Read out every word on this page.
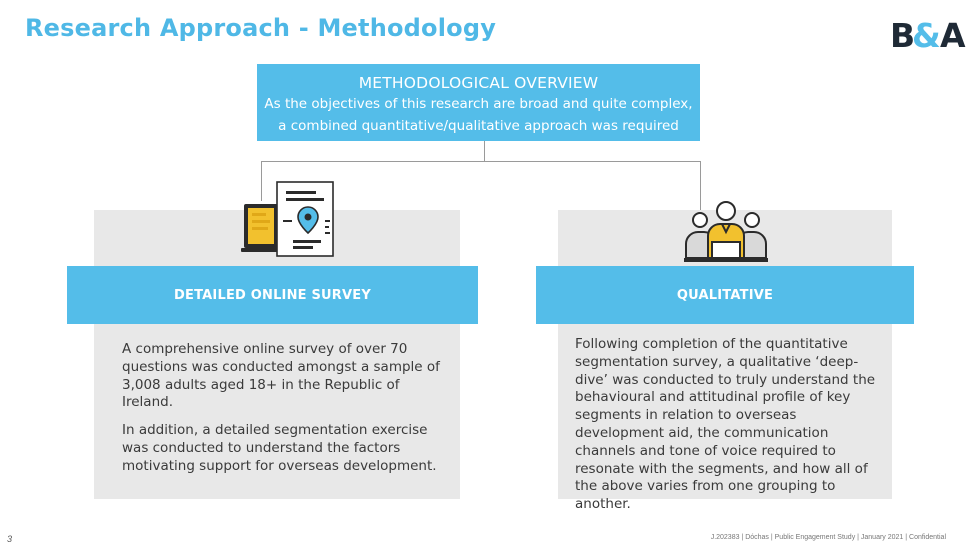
Research Approach - Methodology	B
& A
METHODOLOGICAL OVERVIEW
As the objectives of this research are broad and quite complex,
a combined quantitative/qualitative approach was required
DETAILED ONLINE SURVEY

A comprehensive online survey of over 70 questions was conducted amongst a sample of 3,008 adults aged 18+ in the Republic of Ireland.

In addition, a detailed segmentation exercise was conducted to understand the factors motivating support for overseas development.

QUALITATIVE

Following completion of the quantitative segmentation survey, a qualitative ‘deep-dive’ was conducted to truly understand the behavioural and attitudinal profile of key segments in relation to overseas development aid, the communication channels and tone of voice required to resonate with the segments, and how all of the above varies from one grouping to another.

3	J.202383 | Dóchas | Public Engagement Study | January 2021 | Confidential
